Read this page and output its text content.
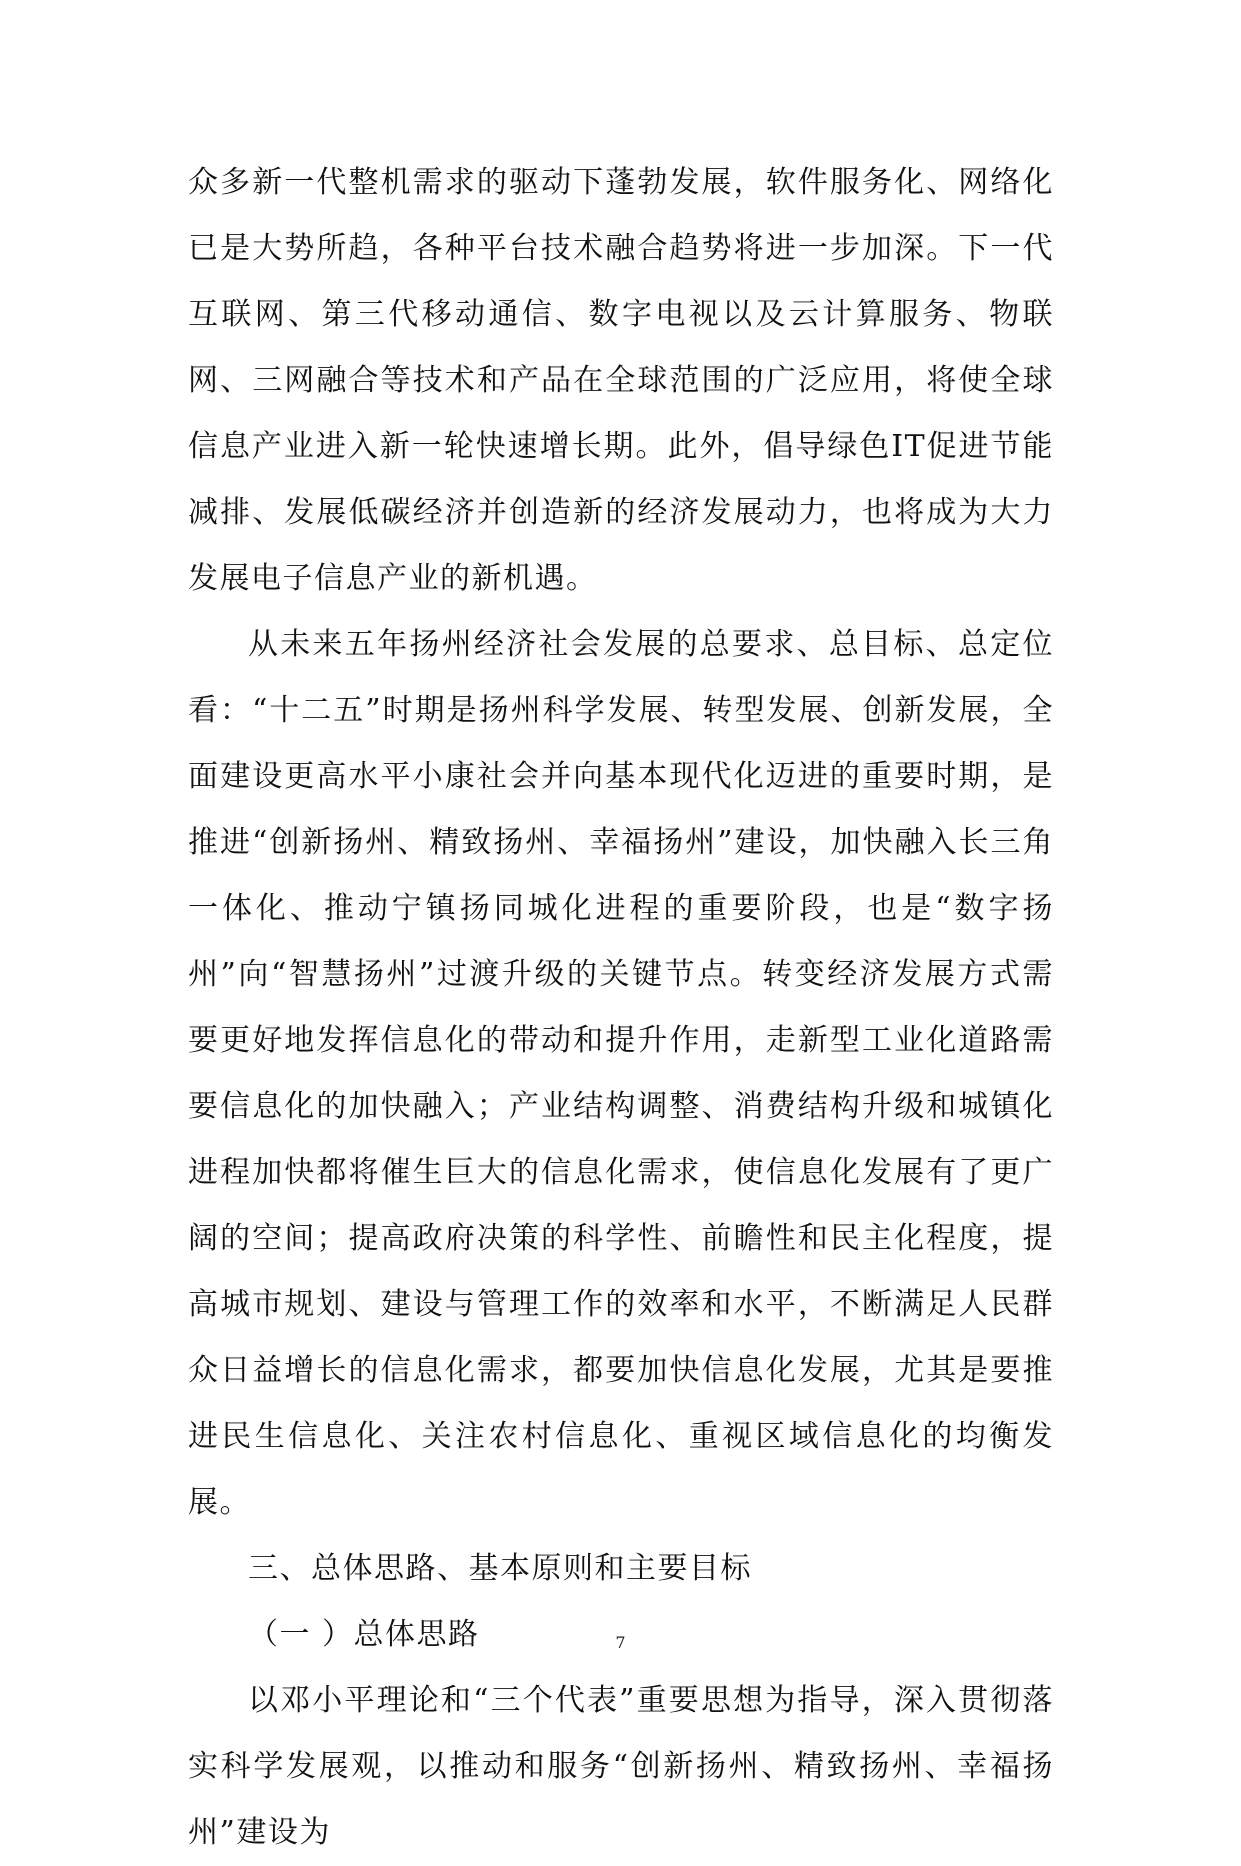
众多新一代整机需求的驱动下蓬勃发展，软件服务化、网络化已是大势所趋，各种平台技术融合趋势将进一步加深。下一代互联网、第三代移动通信、数字电视以及云计算服务、物联网、三网融合等技术和产品在全球范围的广泛应用，将使全球信息产业进入新一轮快速增长期。此外，倡导绿色IT促进节能减排、发展低碳经济并创造新的经济发展动力，也将成为大力发展电子信息产业的新机遇。

从未来五年扬州经济社会发展的总要求、总目标、总定位看：“十二五”时期是扬州科学发展、转型发展、创新发展，全面建设更高水平小康社会并向基本现代化迈进的重要时期，是推进“创新扬州、精致扬州、幸福扬州”建设，加快融入长三角一体化、推动宁镇扬同城化进程的重要阶段，也是“数字扬州”向“智慧扬州”过渡升级的关键节点。转变经济发展方式需要更好地发挥信息化的带动和提升作用，走新型工业化道路需要信息化的加快融入；产业结构调整、消费结构升级和城镇化进程加快都将催生巨大的信息化需求，使信息化发展有了更广阔的空间；提高政府决策的科学性、前瞻性和民主化程度，提高城市规划、建设与管理工作的效率和水平，不断满足人民群众日益增长的信息化需求，都要加快信息化发展，尤其是要推进民生信息化、关注农村信息化、重视区域信息化的均衡发展。

三、总体思路、基本原则和主要目标

（一 ）总体思路

以邓小平理论和“三个代表”重要思想为指导，深入贯彻落实科学发展观，以推动和服务“创新扬州、精致扬州、幸福扬州”建设为

7
